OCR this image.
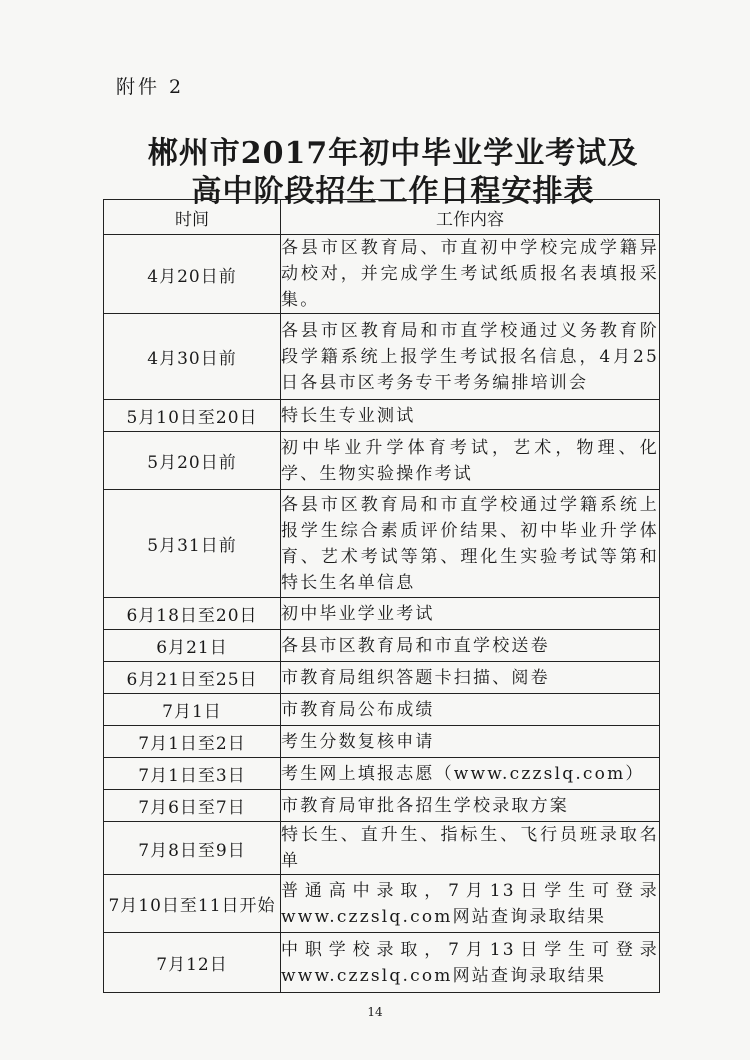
附件 2
郴州市2017年初中毕业学业考试及
高中阶段招生工作日程安排表
时间	工作内容
4月20日前	各县市区教育局、市直初中学校完成学籍异动校对，并完成学生考试纸质报名表填报采集。
4月30日前	各县市区教育局和市直学校通过义务教育阶段学籍系统上报学生考试报名信息，4月25日各县市区考务专干考务编排培训会
5月10日至20日	特长生专业测试
5月20日前	初中毕业升学体育考试，艺术，物理、化学、生物实验操作考试
5月31日前	各县市区教育局和市直学校通过学籍系统上报学生综合素质评价结果、初中毕业升学体育、艺术考试等第、理化生实验考试等第和特长生名单信息
6月18日至20日	初中毕业学业考试
6月21日	各县市区教育局和市直学校送卷
6月21日至25日	市教育局组织答题卡扫描、阅卷
7月1日	市教育局公布成绩
7月1日至2日	考生分数复核申请
7月1日至3日	考生网上填报志愿（www.czzslq.com）
7月6日至7日	市教育局审批各招生学校录取方案
7月8日至9日	特长生、直升生、指标生、飞行员班录取名单
7月10日至11日开始	普通高中录取，7月13日学生可登录www.czzslq.com网站查询录取结果
7月12日	中职学校录取，7月13日学生可登录www.czzslq.com网站查询录取结果
14
